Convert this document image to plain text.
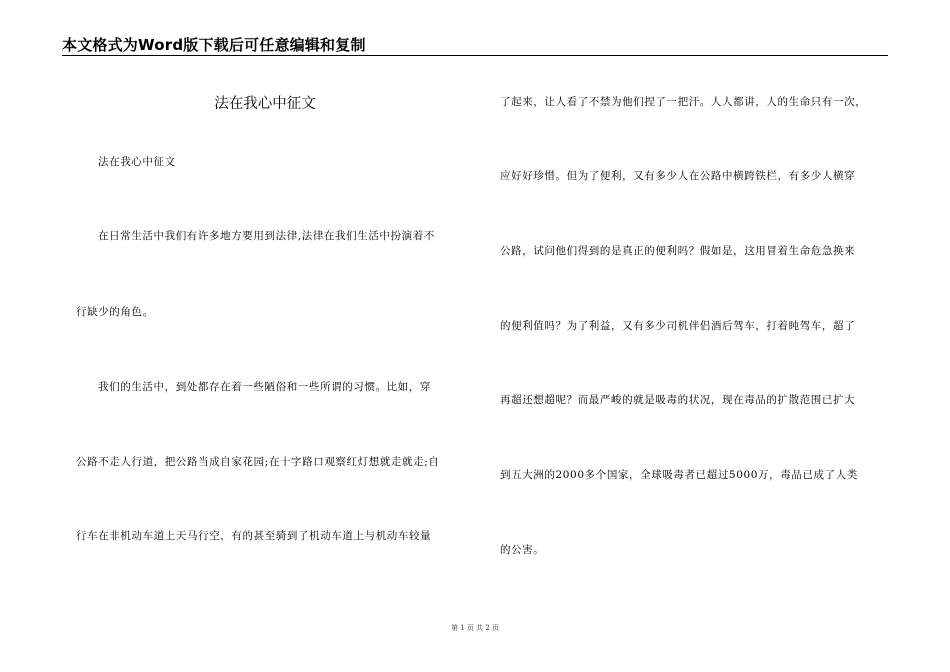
本文格式为Word版下载后可任意编辑和复制
法在我心中征文
法在我心中征文
在日常生活中我们有许多地方要用到法律,法律在我们生活中扮演着不
行缺少的角色。
我们的生活中，到处都存在着一些陋俗和一些所谓的习惯。比如，穿
公路不走人行道，把公路当成自家花园;在十字路口观察红灯想就走就走;自
行车在非机动车道上天马行空，有的甚至骑到了机动车道上与机动车较量
了起来，让人看了不禁为他们捏了一把汗。人人都讲，人的生命只有一次，
应好好珍惜。但为了便利，又有多少人在公路中横跨铁栏，有多少人横穿
公路，试问他们得到的是真正的便利吗？假如是，这用冒着生命危急换来
的便利值吗？为了利益，又有多少司机伴侣酒后驾车，打着盹驾车，超了
再超还想超呢？而最严峻的就是吸毒的状况，现在毒品的扩散范围已扩大
到五大洲的2000多个国家，全球吸毒者已超过5000万，毒品已成了人类
的公害。
第 1 页 共 2 页
